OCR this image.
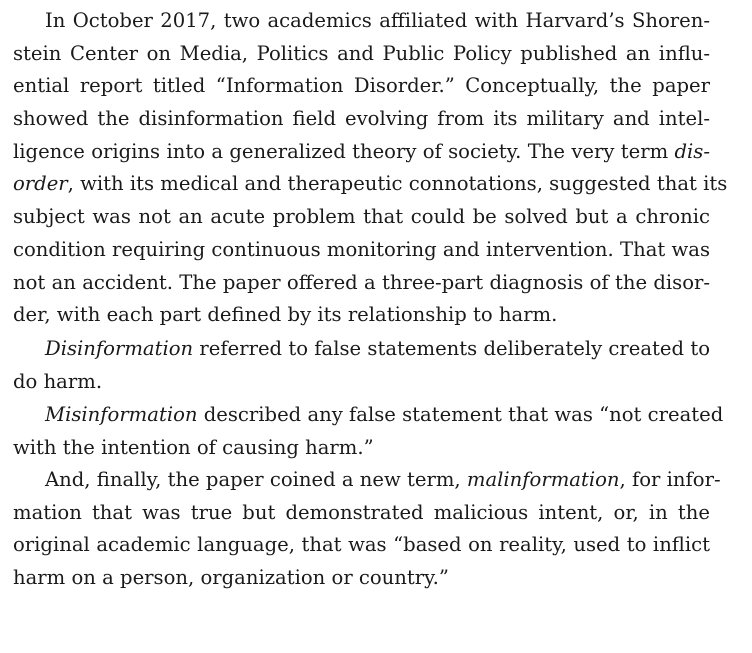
In October 2017, two academics affiliated with Harvard’s Shoren-
stein Center on Media, Politics and Public Policy published an influ-
ential report titled “Information Disorder.” Conceptually, the paper
showed the disinformation field evolving from its military and intel-
ligence origins into a generalized theory of society. The very term dis-
order, with its medical and therapeutic connotations, suggested that its
subject was not an acute problem that could be solved but a chronic
condition requiring continuous monitoring and intervention. That was
not an accident. The paper offered a three-part diagnosis of the disor-
der, with each part defined by its relationship to harm.
Disinformation referred to false statements deliberately created to
do harm.
Misinformation described any false statement that was “not created
with the intention of causing harm.”
And, finally, the paper coined a new term, malinformation, for infor-
mation that was true but demonstrated malicious intent, or, in the
original academic language, that was “based on reality, used to inflict
harm on a person, organization or country.”
